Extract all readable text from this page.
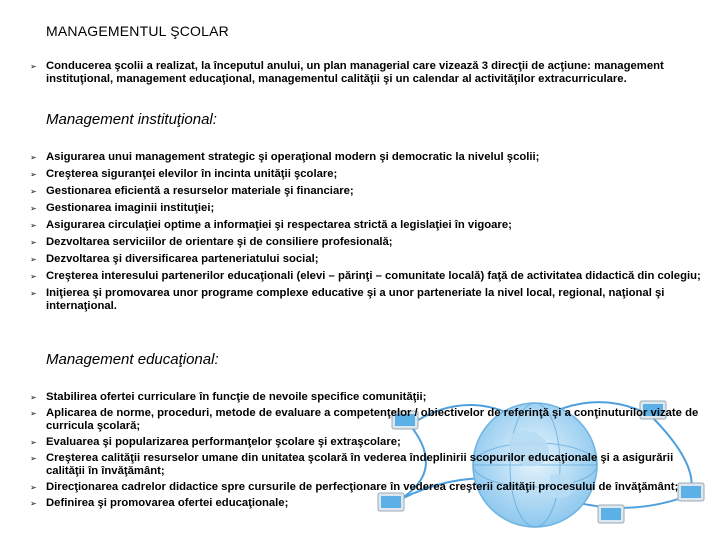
MANAGEMENTUL ŞCOLAR
➢ Conducerea şcolii a realizat, la începutul anului, un plan managerial care vizează 3 direcţii de acţiune: management instituţional, management educaţional, managementul calităţii şi un calendar al activităţilor extracurriculare.
Management instituţional:
➢ Asigurarea unui management strategic şi operaţional modern şi democratic la nivelul şcolii;
➢ Creşterea siguranţei elevilor în incinta unităţii şcolare;
➢ Gestionarea eficientă a resurselor materiale şi financiare;
➢ Gestionarea imaginii instituţiei;
➢ Asigurarea circulaţiei optime a informaţiei şi respectarea strictă a legislaţiei în vigoare;
➢ Dezvoltarea serviciilor de orientare şi de consiliere profesională;
➢ Dezvoltarea şi diversificarea parteneriatului social;
➢ Creşterea interesului partenerilor educaţionali (elevi – părinţi – comunitate locală) faţă de activitatea didactică din colegiu;
➢ Iniţierea şi promovarea unor programe complexe educative şi a unor parteneriate la nivel local, regional, naţional şi internaţional.
Management educaţional:
➢ Stabilirea ofertei curriculare în funcţie de nevoile specifice comunităţii;
➢ Aplicarea de norme, proceduri, metode de evaluare a competenţelor / obiectivelor de referinţă şi a conţinuturilor vizate de curricula şcolară;
➢ Evaluarea şi popularizarea performanţelor şcolare şi extraşcolare;
➢ Creşterea calităţii resurselor umane din unitatea şcolară în vederea îndeplinirii scopurilor educaţionale şi a asigurării calităţii în învăţământ;
➢ Direcţionarea cadrelor didactice spre cursurile de perfecţionare în vederea creşterii calităţii procesului de învăţământ;
➢ Definirea şi promovarea ofertei educaţionale;
